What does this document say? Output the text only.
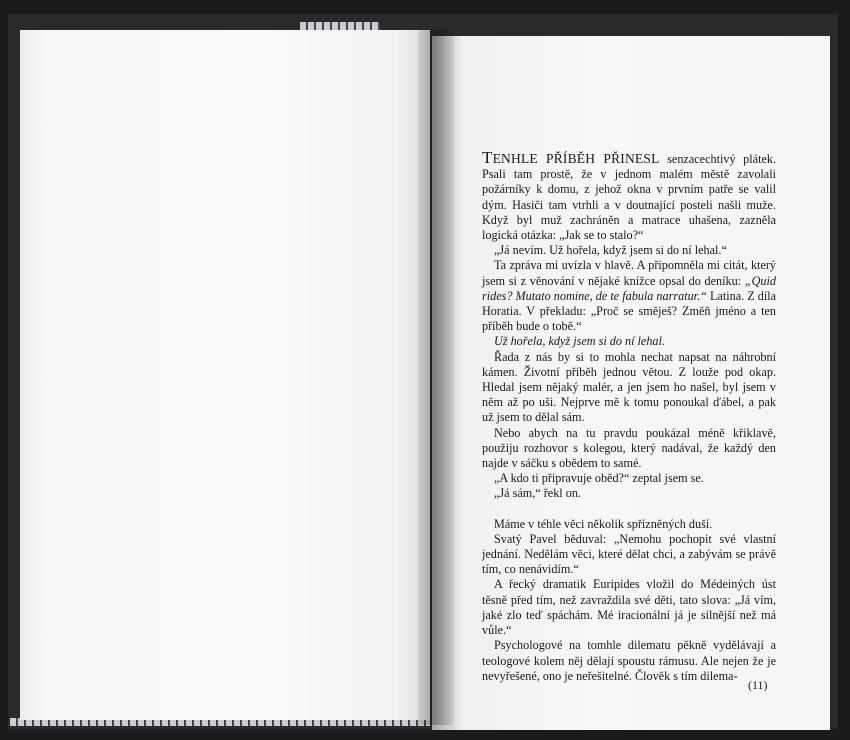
TENHLE PŘÍBĚH PŘINESL senzacechtivý plátek. Psali tam prostě, že v jednom malém městě zavolali požárníky k domu, z jehož okna v prvním patře se valil dým. Hasiči tam vtrhli a v doutnající posteli našli muže. Když byl muž zachráněn a matrace uhašena, zazněla logická otázka: „Jak se to stalo?“

„Já nevím. Už hořela, když jsem si do ní lehal.“

Ta zpráva mi uvízla v hlavě. A připomněla mi citát, který jsem si z věnování v nějaké knížce opsal do deníku: „Quid rides? Mutato nomine, de te fabula narratur.“ Latina. Z díla Horatia. V překladu: „Proč se směješ? Změň jméno a ten příběh bude o tobě.“

Už hořela, když jsem si do ní lehal.

Řada z nás by si to mohla nechat napsat na náhrobní kámen. Životní příběh jednou větou. Z louže pod okap. Hledal jsem nějaký malér, a jen jsem ho našel, byl jsem v něm až po uši. Nejprve mě k tomu ponoukal ďábel, a pak už jsem to dělal sám.

Nebo abych na tu pravdu poukázal méně křiklavě, použiju rozhovor s kolegou, který nadával, že každý den najde v sáčku s obědem to samé.

„A kdo ti připravuje oběd?“ zeptal jsem se.

„Já sám,“ řekl on.

Máme v téhle věci několik spřízněných duší.

Svatý Pavel běduval: „Nemohu pochopit své vlastní jednání. Nedělám věci, které dělat chci, a zabývám se právě tím, co nenávidím.“

A řecký dramatik Euripides vložil do Médeiných úst těsně před tím, než zavraždila své děti, tato slova: „Já vím, jaké zlo teď spáchám. Mé iracionální já je silnější než má vůle.“

Psychologové na tomhle dilematu pěkně vydělávají a teologové kolem něj dělají spoustu rámusu. Ale nejen že je nevyřešené, ono je neřešitelné. Člověk s tím dilema-

(11)
